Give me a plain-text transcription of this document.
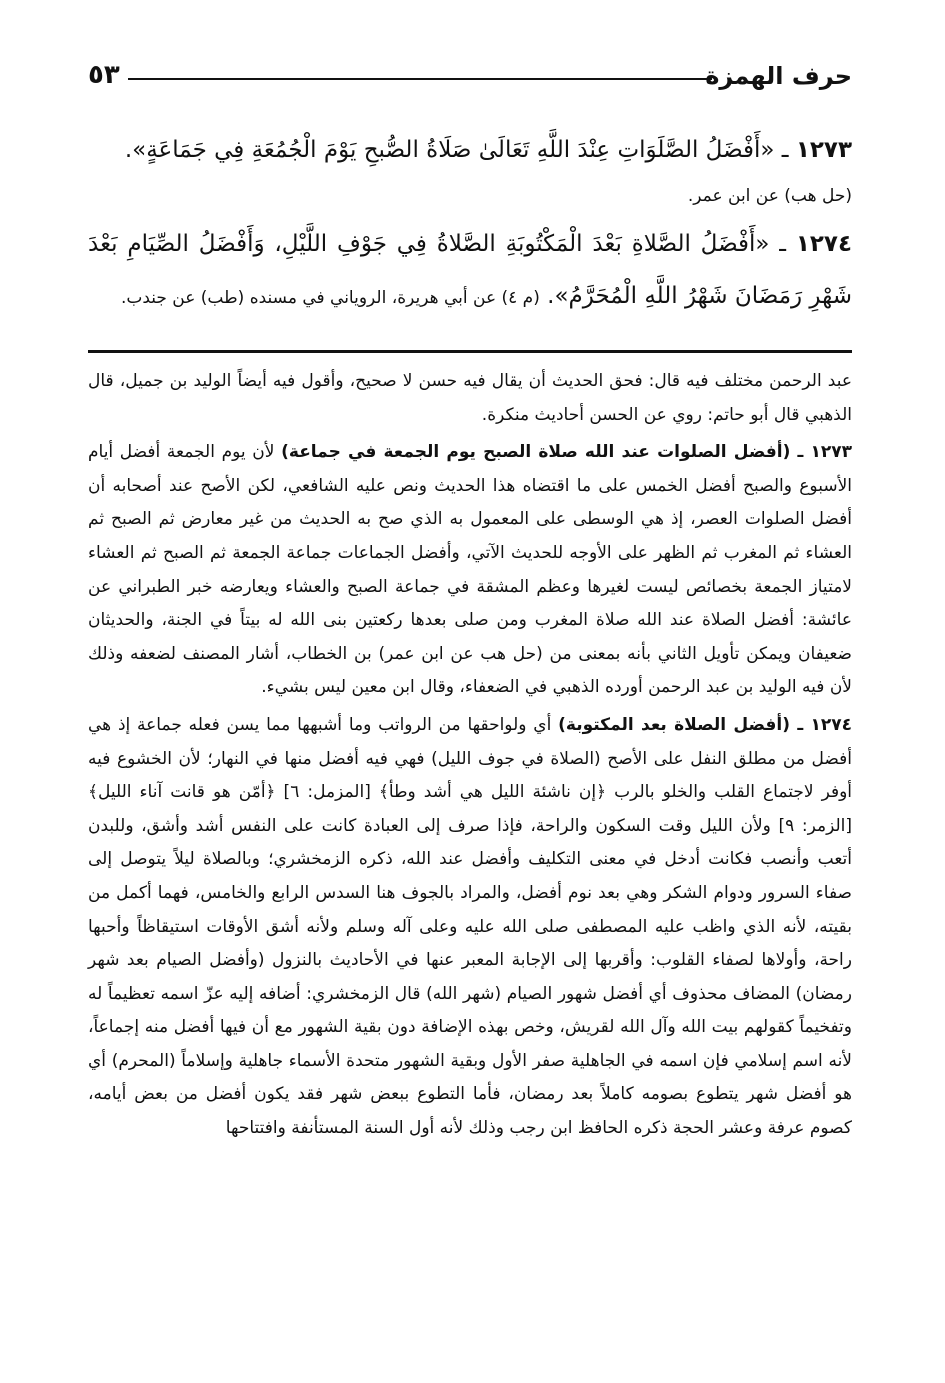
حرف الهمزة
٥٣
١٢٧٣ ـ «أَفْضَلُ الصَّلَوَاتِ عِنْدَ اللَّهِ تَعَالَىٰ صَلَاةُ الصُّبحِ يَوْمَ الْجُمُعَةِ فِي جَمَاعَةٍ».
(حل هب) عن ابن عمر.
١٢٧٤ ـ «أَفْضَلُ الصَّلاةِ بَعْدَ الْمَكْتُوبَةِ الصَّلاةُ فِي جَوْفِ اللَّيْلِ، وَأَفْضَلُ الصِّيَامِ بَعْدَ شَهْرِ رَمَضَانَ شَهْرُ اللَّهِ الْمُحَرَّمُ». (م ٤) عن أبي هريرة، الروياني في مسنده (طب) عن جندب.

عبد الرحمن مختلف فيه قال: فحق الحديث أن يقال فيه حسن لا صحيح، وأقول فيه أيضاً الوليد بن جميل، قال الذهبي قال أبو حاتم: روي عن الحسن أحاديث منكرة.

١٢٧٣ ـ (أفضل الصلوات عند الله صلاة الصبح يوم الجمعة في جماعة) لأن يوم الجمعة أفضل أيام الأسبوع والصبح أفضل الخمس على ما اقتضاه هذا الحديث ونص عليه الشافعي، لكن الأصح عند أصحابه أن أفضل الصلوات العصر، إذ هي الوسطى على المعمول به الذي صح به الحديث من غير معارض ثم الصبح ثم العشاء ثم المغرب ثم الظهر على الأوجه للحديث الآتي، وأفضل الجماعات جماعة الجمعة ثم الصبح ثم العشاء لامتياز الجمعة بخصائص ليست لغيرها وعظم المشقة في جماعة الصبح والعشاء ويعارضه خبر الطبراني عن عائشة: أفضل الصلاة عند الله صلاة المغرب ومن صلى بعدها ركعتين بنى الله له بيتاً في الجنة، والحديثان ضعيفان ويمكن تأويل الثاني بأنه بمعنى من (حل هب عن ابن عمر) بن الخطاب، أشار المصنف لضعفه وذلك لأن فيه الوليد بن عبد الرحمن أورده الذهبي في الضعفاء، وقال ابن معين ليس بشيء.

١٢٧٤ ـ (أفضل الصلاة بعد المكتوبة) أي ولواحقها من الرواتب وما أشبهها مما يسن فعله جماعة إذ هي أفضل من مطلق النفل على الأصح (الصلاة في جوف الليل) فهي فيه أفضل منها في النهار؛ لأن الخشوع فيه أوفر لاجتماع القلب والخلو بالرب ﴿إن ناشئة الليل هي أشد وطأ﴾ [المزمل: ٦] ﴿أمّن هو قانت آناء الليل﴾ [الزمر: ٩] ولأن الليل وقت السكون والراحة، فإذا صرف إلى العبادة كانت على النفس أشد وأشق، وللبدن أتعب وأنصب فكانت أدخل في معنى التكليف وأفضل عند الله، ذكره الزمخشري؛ وبالصلاة ليلاً يتوصل إلى صفاء السرور ودوام الشكر وهي بعد نوم أفضل، والمراد بالجوف هنا السدس الرابع والخامس، فهما أكمل من بقيته، لأنه الذي واظب عليه المصطفى صلى الله عليه وعلى آله وسلم ولأنه أشق الأوقات استيقاظاً وأحبها راحة، وأولاها لصفاء القلوب: وأقربها إلى الإجابة المعبر عنها في الأحاديث بالنزول (وأفضل الصيام بعد شهر رمضان) المضاف محذوف أي أفضل شهور الصيام (شهر الله) قال الزمخشري: أضافه إليه عزّ اسمه تعظيماً له وتفخيماً كقولهم بيت الله وآل الله لقريش، وخص بهذه الإضافة دون بقية الشهور مع أن فيها أفضل منه إجماعاً، لأنه اسم إسلامي فإن اسمه في الجاهلية صفر الأول وبقية الشهور متحدة الأسماء جاهلية وإسلاماً (المحرم) أي هو أفضل شهر يتطوع بصومه كاملاً بعد رمضان، فأما التطوع ببعض شهر فقد يكون أفضل من بعض أيامه، كصوم عرفة وعشر الحجة ذكره الحافظ ابن رجب وذلك لأنه أول السنة المستأنفة وافتتاحها
